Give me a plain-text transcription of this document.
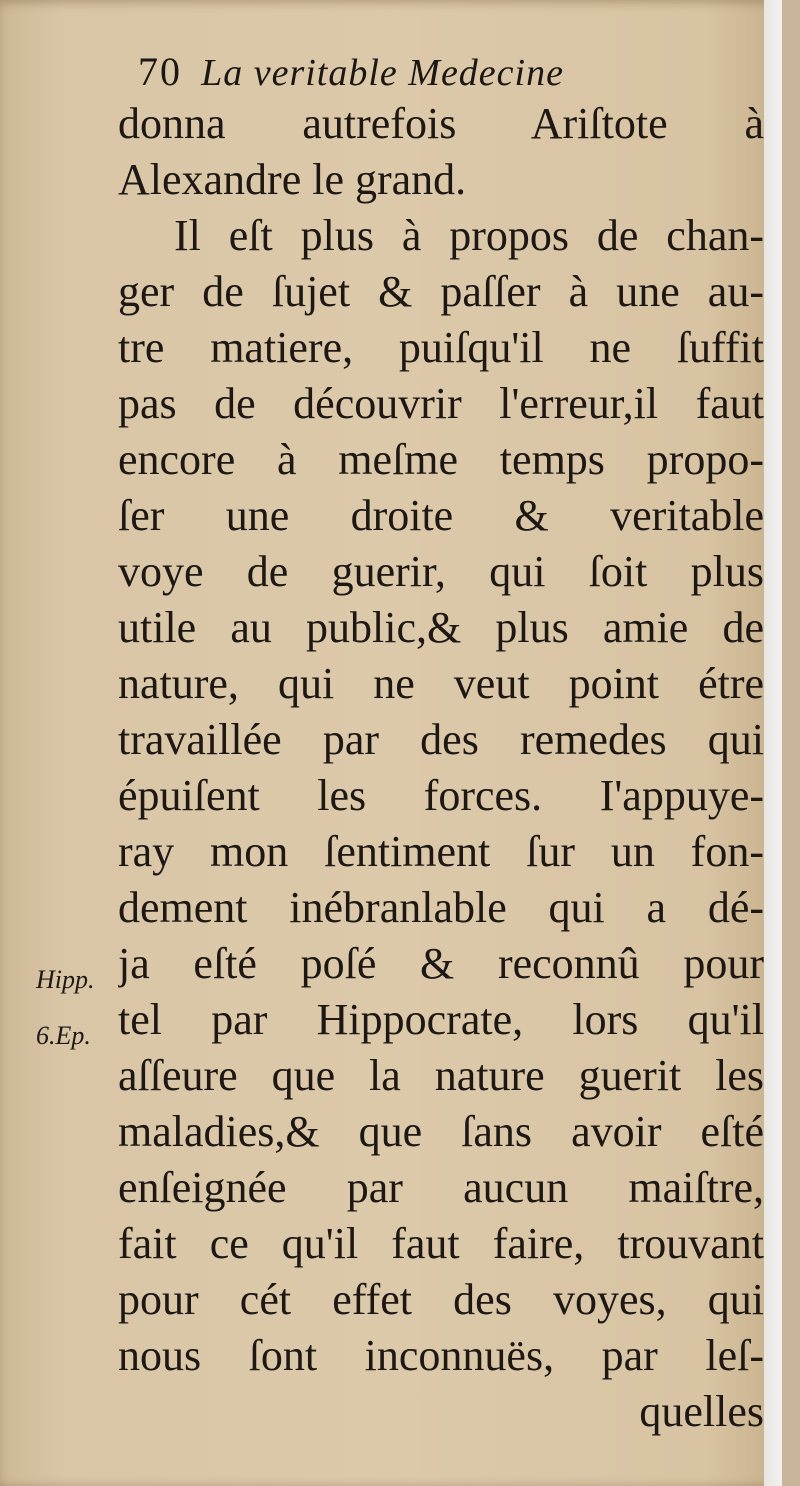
70 La veritable Medecine
donna autrefois Ariſtote à
Alexandre le grand.
Il eſt plus à propos de chan-
ger de ſujet & paſſer à une au-
tre matiere, puiſqu'il ne ſuffit
pas de découvrir l'erreur,il faut
encore à meſme temps propo-
ſer une droite & veritable
voye de guerir, qui ſoit plus
utile au public,& plus amie de
nature, qui ne veut point étre
travaillée par des remedes qui
épuiſent les forces. I'appuye-
ray mon ſentiment ſur un fon-
dement inébranlable qui a dé-
ja eſté poſé & reconnû pour
tel par Hippocrate, lors qu'il
aſſeure que la nature guerit les
maladies,& que ſans avoir eſté
enſeignée par aucun maiſtre,
fait ce qu'il faut faire, trouvant
pour cét effet des voyes, qui
nous ſont inconnuës, par leſ-
quelles
Hipp.
6.Ep.
